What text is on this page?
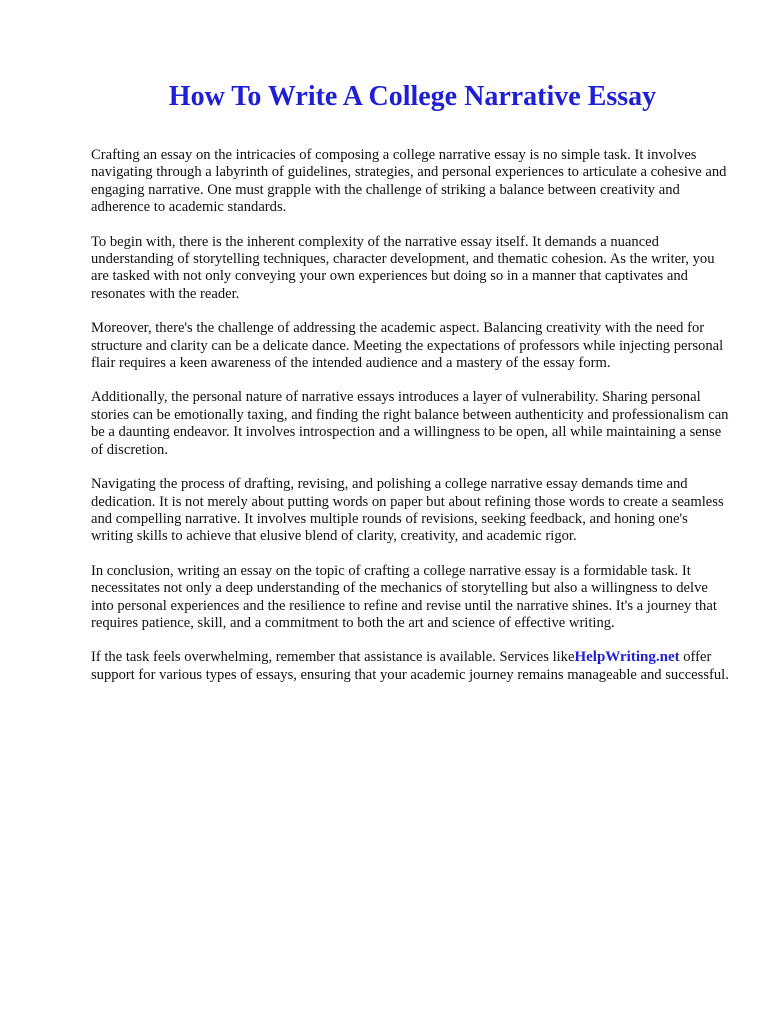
How To Write A College Narrative Essay

Crafting an essay on the intricacies of composing a college narrative essay is no simple task. It involves navigating through a labyrinth of guidelines, strategies, and personal experiences to articulate a cohesive and engaging narrative. One must grapple with the challenge of striking a balance between creativity and adherence to academic standards.

To begin with, there is the inherent complexity of the narrative essay itself. It demands a nuanced understanding of storytelling techniques, character development, and thematic cohesion. As the writer, you are tasked with not only conveying your own experiences but doing so in a manner that captivates and resonates with the reader.

Moreover, there's the challenge of addressing the academic aspect. Balancing creativity with the need for structure and clarity can be a delicate dance. Meeting the expectations of professors while injecting personal flair requires a keen awareness of the intended audience and a mastery of the essay form.

Additionally, the personal nature of narrative essays introduces a layer of vulnerability. Sharing personal stories can be emotionally taxing, and finding the right balance between authenticity and professionalism can be a daunting endeavor. It involves introspection and a willingness to be open, all while maintaining a sense of discretion.

Navigating the process of drafting, revising, and polishing a college narrative essay demands time and dedication. It is not merely about putting words on paper but about refining those words to create a seamless and compelling narrative. It involves multiple rounds of revisions, seeking feedback, and honing one's writing skills to achieve that elusive blend of clarity, creativity, and academic rigor.

In conclusion, writing an essay on the topic of crafting a college narrative essay is a formidable task. It necessitates not only a deep understanding of the mechanics of storytelling but also a willingness to delve into personal experiences and the resilience to refine and revise until the narrative shines. It's a journey that requires patience, skill, and a commitment to both the art and science of effective writing.

If the task feels overwhelming, remember that assistance is available. Services likeHelpWriting.net offer support for various types of essays, ensuring that your academic journey remains manageable and successful.
